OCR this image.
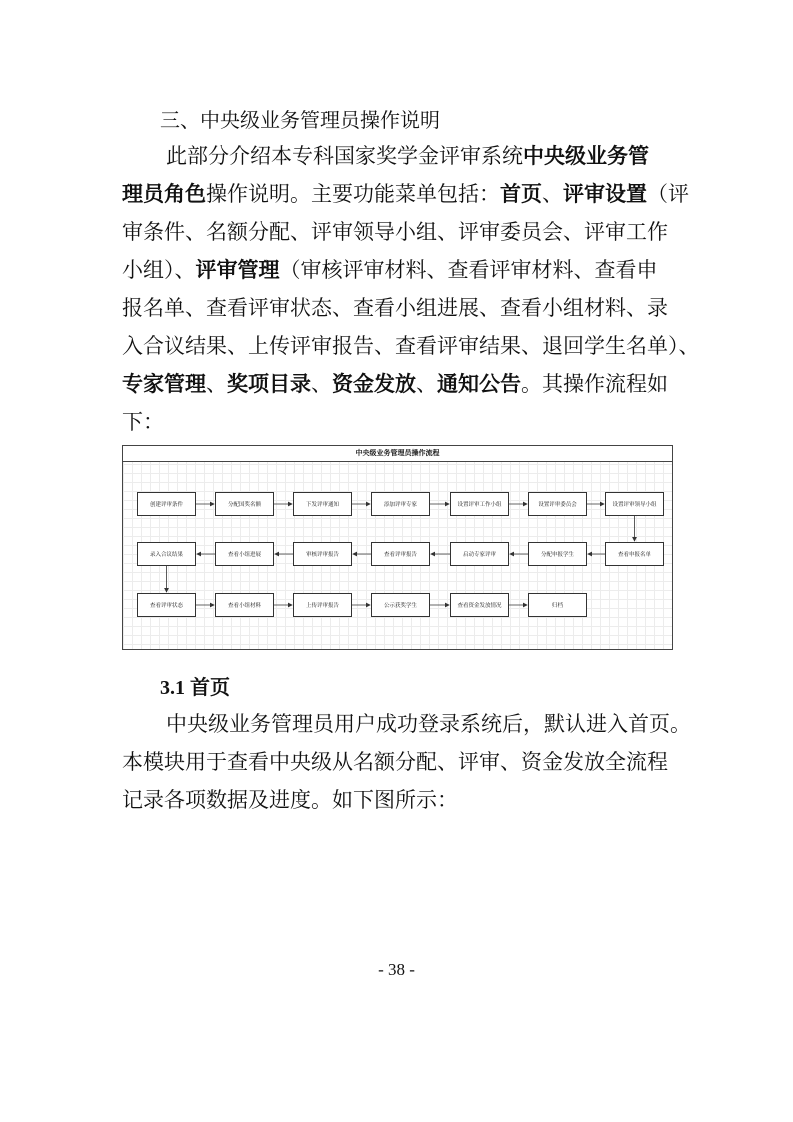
三、中央级业务管理员操作说明
此部分介绍本专科国家奖学金评审系统中央级业务管
理员角色操作说明。主要功能菜单包括：首页、评审设置（评
审条件、名额分配、评审领导小组、评审委员会、评审工作
小组）、评审管理（审核评审材料、查看评审材料、查看申
报名单、查看评审状态、查看小组进展、查看小组材料、录
入合议结果、上传评审报告、查看评审结果、退回学生名单）、
专家管理、奖项目录、资金发放、通知公告。其操作流程如
下：
中央级业务管理员操作流程
创建评审条件	分配国奖名额	下发评审通知	添加评审专家	设置评审工作小组	设置评审委员会	设置评审领导小组
录入合议结果	查看小组进展	审核评审报告	查看评审报告	启动专家评审	分配申报学生	查看申报名单
查看评审状态	查看小组材料	上传评审报告	公示获奖学生	查看资金发放情况	归档
3.1 首页
中央级业务管理员用户成功登录系统后，默认进入首页。
本模块用于查看中央级从名额分配、评审、资金发放全流程
记录各项数据及进度。如下图所示：
- 38 -
